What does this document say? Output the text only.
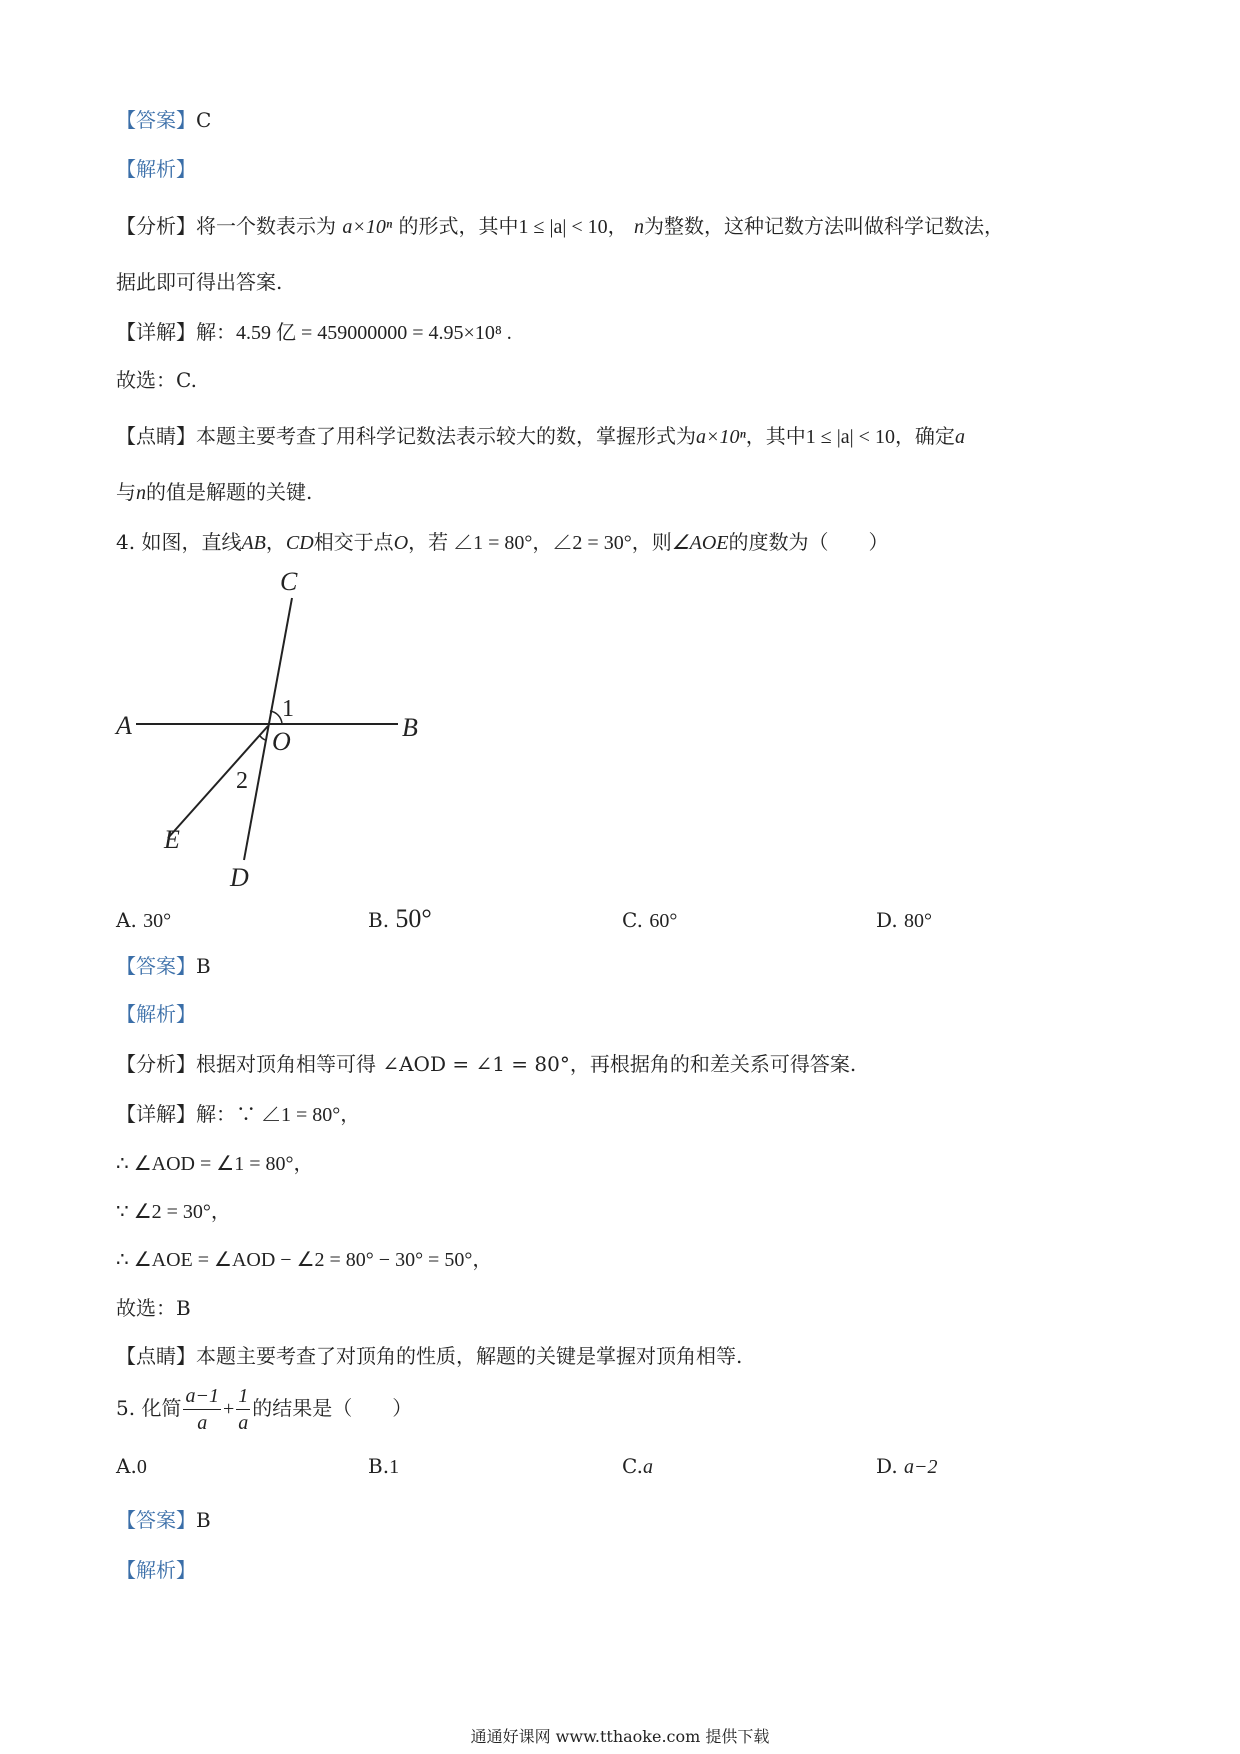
【答案】C
【解析】
【分析】将一个数表示为 a×10ⁿ 的形式，其中1 ≤ |a| < 10， n为整数，这种记数方法叫做科学记数法，
据此即可得出答案.
【详解】解：4.59 亿 = 459000000 = 4.95×10⁸ .
故选：C.
【点睛】本题主要考查了用科学记数法表示较大的数，掌握形式为a×10ⁿ，其中1 ≤ |a| < 10，确定a
与n的值是解题的关键.
4. 如图，直线AB，CD相交于点O，若 ∠1 = 80°，∠2 = 30°，则∠AOE的度数为（　　）
A	B
C
D
E
O
1
2
A. 30°	B. 50°	C. 60°	D. 80°
【答案】B
【解析】
【分析】根据对顶角相等可得 ∠AOD = ∠1 = 80°，再根据角的和差关系可得答案.
【详解】解：∵ ∠1 = 80°，
∴ ∠AOD = ∠1 = 80°，
∵ ∠2 = 30°，
∴ ∠AOE = ∠AOD − ∠2 = 80° − 30° = 50°，
故选：B
【点睛】本题主要考查了对顶角的性质，解题的关键是掌握对顶角相等.
5. 化简 $\frac{a-1}{a} + \frac{1}{a}$ 的结果是（　　）
A.0	B.1	C.a	D. a−2
【答案】B
【解析】
通通好课网 www.tthaoke.com 提供下载
